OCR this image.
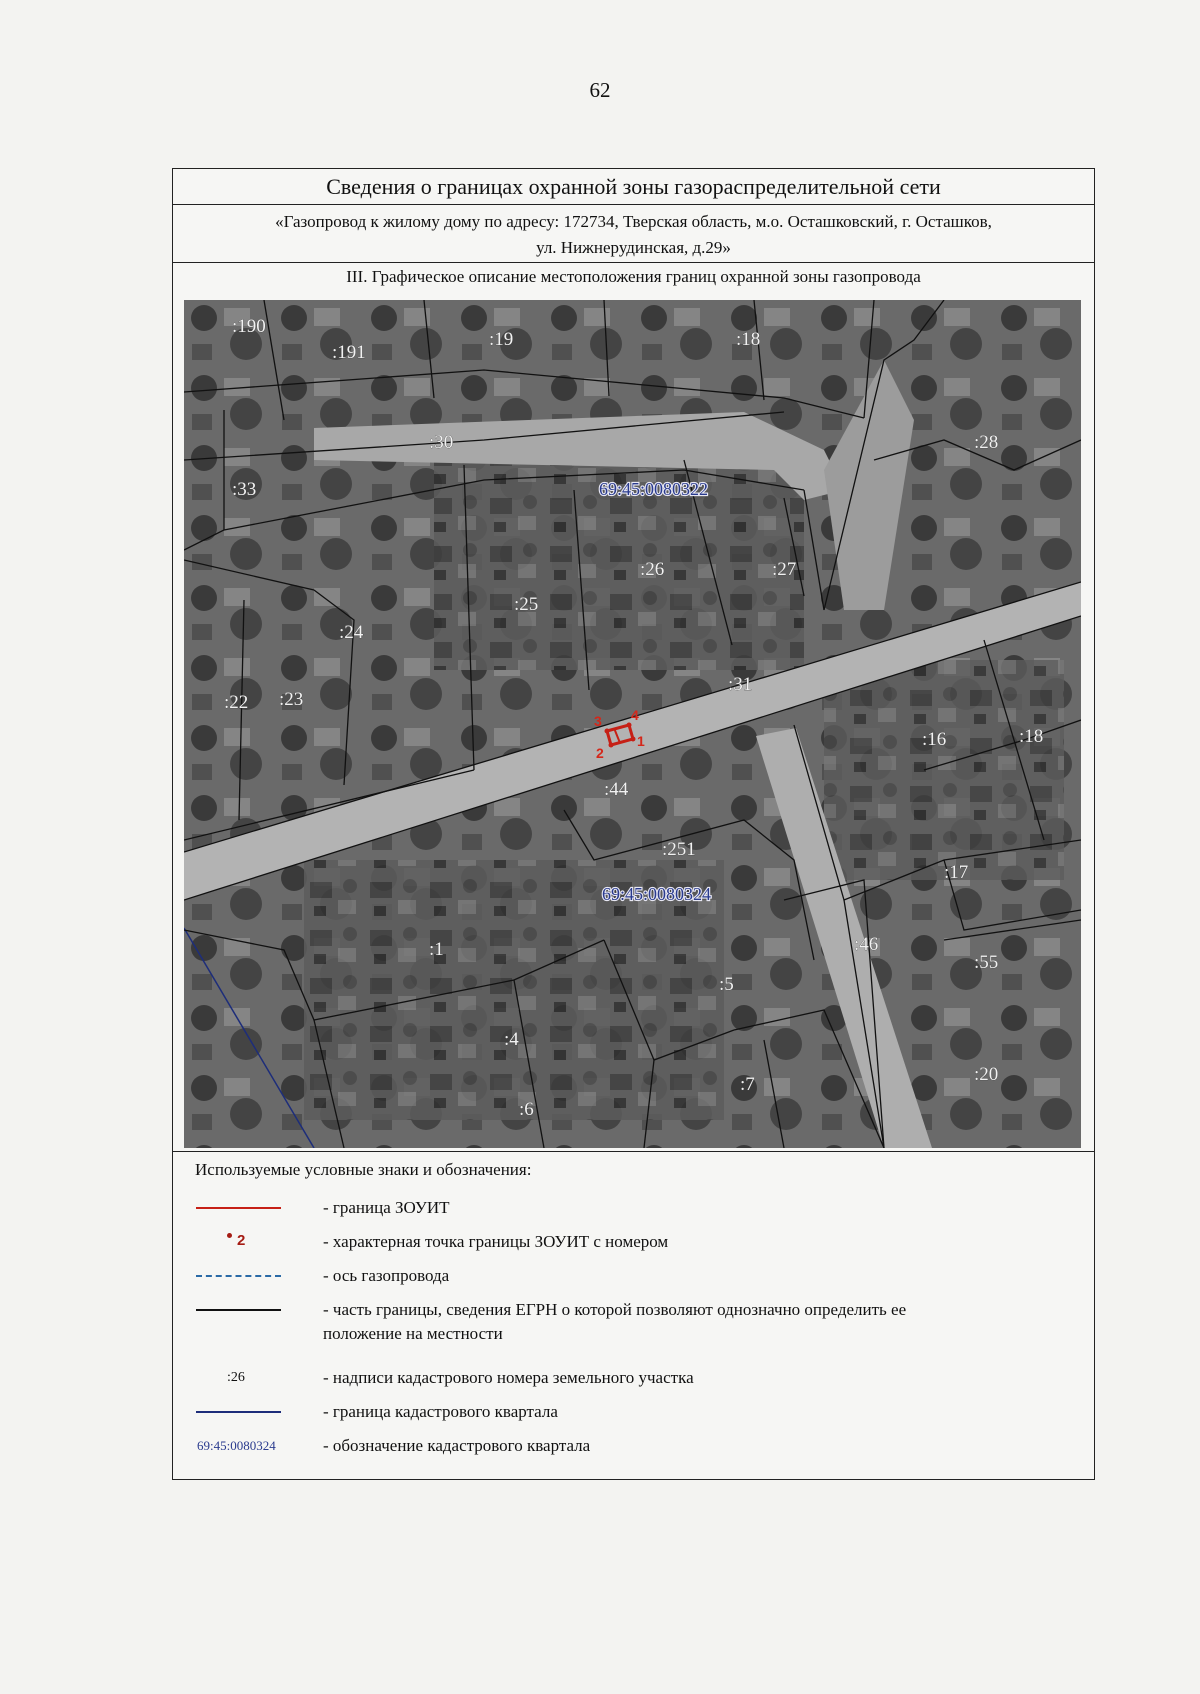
62
Сведения о границах охранной зоны газораспределительной сети
«Газопровод к жилому дому по адресу: 172734, Тверская область, м.о. Осташковский, г. Осташков,
ул. Нижнерудинская, д.29»
III. Графическое описание местоположения границ охранной зоны газопровода
1
2
3 4
:190
:191
:19	:18
:30	:28
:33
:26	:27
:25
:24
:22 :23
:31
:16	:18
:44
:251
:17
:1	:46
:55
:5
:4
:7	:20
:6
69:45:0080322
69:45:0080324
Используемые условные знаки и обозначения:
- граница ЗОУИТ
2	- характерная точка границы ЗОУИТ с номером
- ось газопровода
- часть границы, сведения ЕГРН о которой позволяют однозначно определить ее
положение на местности
:26	- надписи кадастрового номера земельного участка
- граница кадастрового квартала
69:45:0080324	- обозначение кадастрового квартала
